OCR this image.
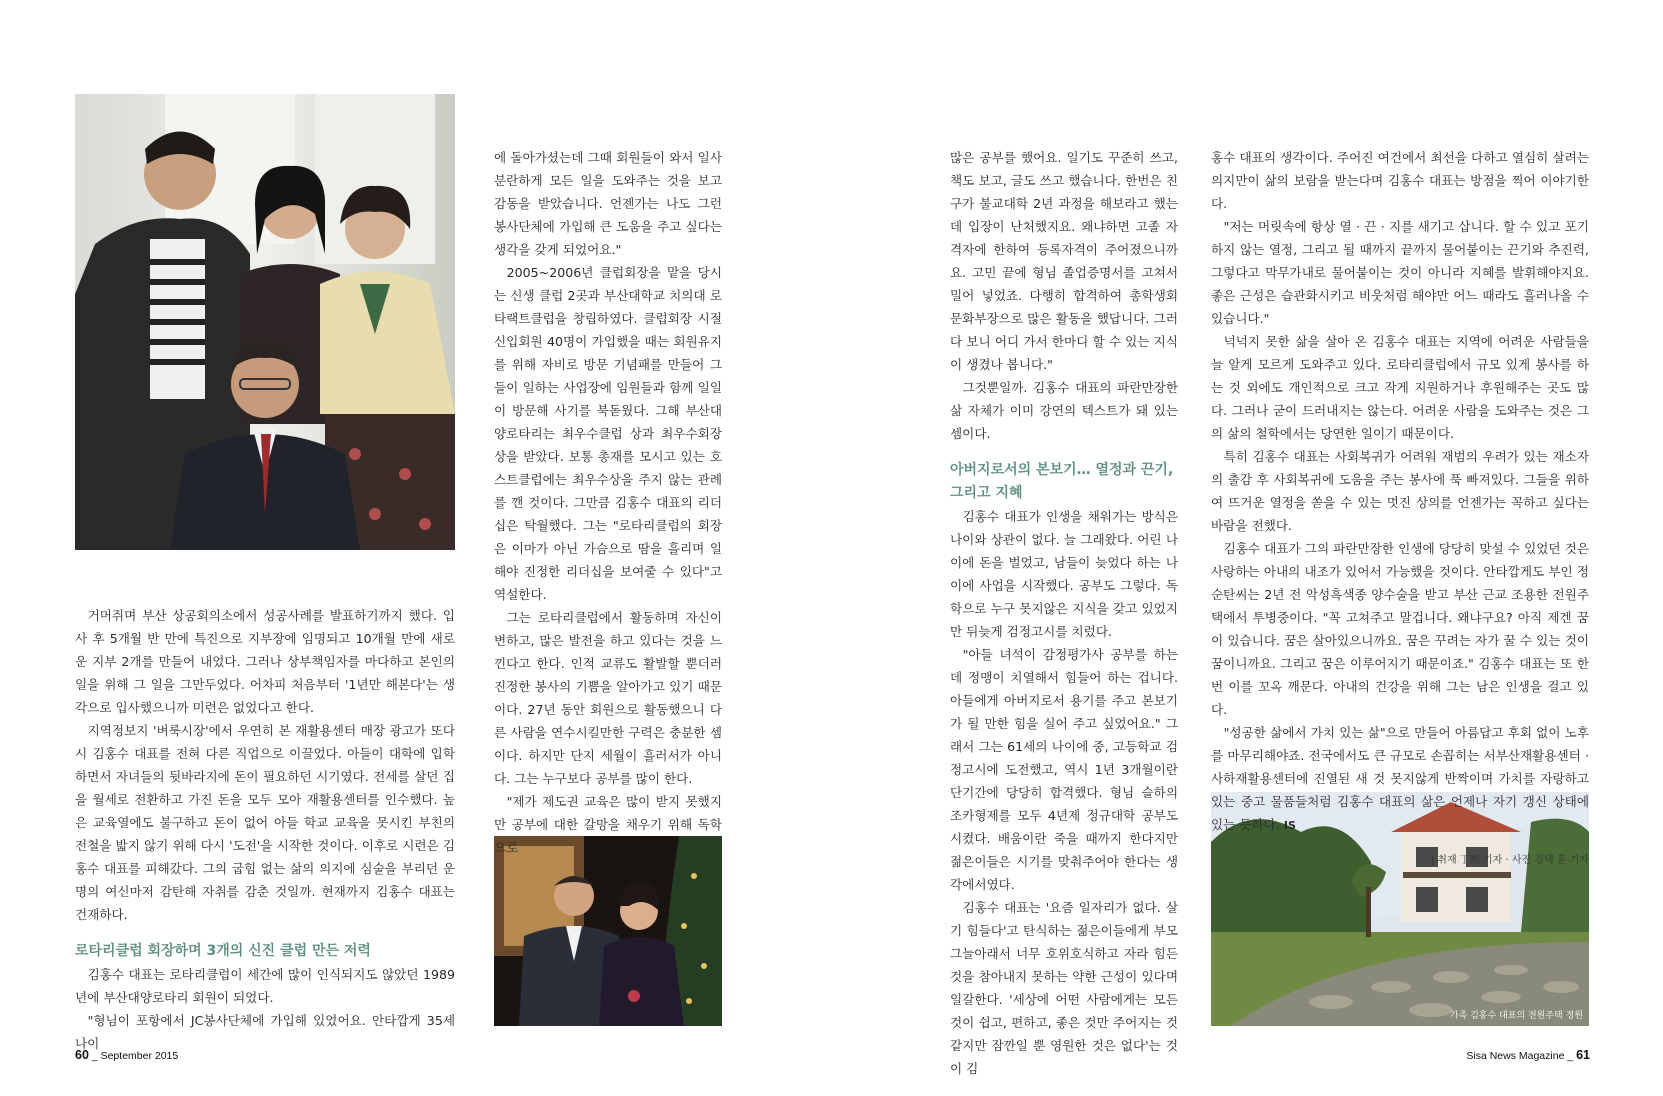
가족 김홍수 대표의 전원주택 정원

거머쥐며 부산 상공회의소에서 성공사례를 발표하기까지 했다. 입사 후 5개월 반 만에 특진으로 지부장에 임명되고 10개월 만에 새로운 지부 2개를 만들어 내었다. 그러나 상부책임자를 마다하고 본인의 일을 위해 그 일을 그만두었다. 어차피 처음부터 '1년만 해본다'는 생각으로 입사했으니까 미련은 없었다고 한다.

지역정보지 '벼룩시장'에서 우연히 본 재활용센터 매장 광고가 또다시 김홍수 대표를 전혀 다른 직업으로 이끌었다. 아들이 대학에 입학하면서 자녀들의 뒷바라지에 돈이 필요하던 시기였다. 전세를 살던 집을 월세로 전환하고 가진 돈을 모두 모아 재활용센터를 인수했다. 높은 교육열에도 불구하고 돈이 없어 아들 학교 교육을 못시킨 부친의 전철을 밟지 않기 위해 다시 '도전'을 시작한 것이다. 이후로 시련은 김홍수 대표를 피해갔다. 그의 굽힘 없는 삶의 의지에 심술을 부리던 운명의 여신마저 감탄해 자취를 감춘 것일까. 현재까지 김홍수 대표는 건재하다.

로타리클럽 회장하며 3개의 신진 클럽 만든 저력

김홍수 대표는 로타리클럽이 세간에 많이 인식되지도 않았던 1989년에 부산대양로타리 회원이 되었다.

"형님이 포항에서 JC봉사단체에 가입해 있었어요. 안타깝게 35세 나이

에 돌아가셨는데 그때 회원들이 와서 일사분란하게 모든 일을 도와주는 것을 보고 감동을 받았습니다. 언젠가는 나도 그런 봉사단체에 가입해 큰 도움을 주고 싶다는 생각을 갖게 되었어요."

2005~2006년 클럽회장을 맡을 당시는 신생 클럽 2곳과 부산대학교 치의대 로타랙트클럽을 창립하였다. 클럽회장 시절 신입회원 40명이 가입했을 때는 회원유지를 위해 자비로 방문 기념패를 만들어 그들이 일하는 사업장에 임원들과 함께 일일이 방문해 사기를 북돋웠다. 그해 부산대양로타리는 최우수클럽 상과 최우수회장 상을 받았다. 보통 총재를 모시고 있는 호스트클럽에는 최우수상을 주지 않는 관례를 깬 것이다. 그만큼 김홍수 대표의 리더십은 탁월했다. 그는 "로타리클럽의 회장은 이마가 아닌 가슴으로 땀을 흘리며 일해야 진정한 리더십을 보여줄 수 있다"고 역설한다.

그는 로타리클럽에서 활동하며 자신이 변하고, 많은 발전을 하고 있다는 것을 느낀다고 한다. 인적 교류도 활발할 뿐더러 진정한 봉사의 기쁨을 알아가고 있기 때문이다. 27년 동안 회원으로 활동했으니 다른 사람을 연수시킬만한 구력은 충분한 셈이다. 하지만 단지 세월이 흘러서가 아니다. 그는 누구보다 공부를 많이 한다.

"제가 제도권 교육은 많이 받지 못했지만 공부에 대한 갈망을 채우기 위해 독학으로

많은 공부를 했어요. 일기도 꾸준히 쓰고, 책도 보고, 글도 쓰고 했습니다. 한번은 친구가 불교대학 2년 과정을 해보라고 했는데 입장이 난처했지요. 왜냐하면 고졸 자격자에 한하여 등록자격이 주어졌으니까요. 고민 끝에 형님 졸업증명서를 고쳐서 밀어 넣었죠. 다행히 합격하여 총학생회 문화부장으로 많은 활동을 했답니다. 그러다 보니 어디 가서 한마디 할 수 있는 지식이 생겼나 봅니다."

그것뿐일까. 김홍수 대표의 파란만장한 삶 자체가 이미 강연의 텍스트가 돼 있는 셈이다.

아버지로서의 본보기… 열정과 끈기,

그리고 지혜

김홍수 대표가 인생을 채워가는 방식은 나이와 상관이 없다. 늘 그래왔다. 어린 나이에 돈을 벌었고, 남들이 늦었다 하는 나이에 사업을 시작했다. 공부도 그렇다. 독학으로 누구 못지않은 지식을 갖고 있었지만 뒤늦게 검정고시를 치렀다.

"아들 녀석이 감정평가사 공부를 하는데 정맹이 치열해서 힘들어 하는 겁니다. 아들에게 아버지로서 용기를 주고 본보기가 될 만한 힘을 실어 주고 싶었어요." 그래서 그는 61세의 나이에 중, 고등학교 검정고시에 도전했고, 역시 1년 3개월이란 단기간에 당당히 합격했다. 형님 슬하의 조카형제를 모두 4년제 정규대학 공부도 시켰다. 배움이란 죽을 때까지 한다지만 젊은이들은 시기를 맞춰주어야 한다는 생각에서였다.

김홍수 대표는 '요즘 일자리가 없다. 살기 힘들다'고 탄식하는 젊은이들에게 부모 그늘아래서 너무 호위호식하고 자라 힘든 것을 참아내지 못하는 약한 근성이 있다며 일갈한다. '세상에 어떤 사람에게는 모든 것이 쉽고, 편하고, 좋은 것만 주어지는 것 같지만 잠깐일 뿐 영원한 것은 없다'는 것이 김

홍수 대표의 생각이다. 주어진 여건에서 최선을 다하고 열심히 살려는 의지만이 삶의 보람을 받는다며 김홍수 대표는 방점을 찍어 이야기한다.

"저는 머릿속에 항상 열 · 끈 · 지를 새기고 삽니다. 할 수 있고 포기하지 않는 열정, 그리고 될 때까지 끝까지 물어붙이는 끈기와 추진력, 그렇다고 막무가내로 물어붙이는 것이 아니라 지혜를 발휘해야지요. 좋은 근성은 습관화시키고 비웃처럼 해야만 어느 때라도 흘러나올 수 있습니다."

넉넉지 못한 삶을 살아 온 김홍수 대표는 지역에 어려운 사람들을 늘 알게 모르게 도와주고 있다. 로타리클럽에서 규모 있게 봉사를 하는 것 외에도 개인적으로 크고 작게 지원하거나 후원해주는 곳도 많다. 그러나 굳이 드러내지는 않는다. 어려운 사람을 도와주는 것은 그의 삶의 철학에서는 당연한 일이기 때문이다.

특히 김홍수 대표는 사회복귀가 어려워 재범의 우려가 있는 재소자의 출감 후 사회복귀에 도움을 주는 봉사에 푹 빠져있다. 그들을 위하여 뜨거운 열정을 쏟을 수 있는 멋진 상의를 언젠가는 꼭하고 싶다는 바람을 전했다.

김홍수 대표가 그의 파란만장한 인생에 당당히 맞설 수 있었던 것은 사랑하는 아내의 내조가 있어서 가능했을 것이다. 안타깝게도 부인 정순탄씨는 2년 전 악성흑색종 양수술을 받고 부산 근교 조용한 전원주택에서 투병중이다. "꼭 고쳐주고 말겁니다. 왜냐구요? 아직 제겐 꿈이 있습니다. 꿈은 살아있으니까요. 꿈은 꾸려는 자가 꿀 수 있는 것이 꿈이니까요. 그리고 꿈은 이루어지기 때문이죠." 김홍수 대표는 또 한번 이를 꼬옥 깨문다. 아내의 건강을 위해 그는 남은 인생을 걸고 있다.

"성공한 삶에서 가치 있는 삶"으로 만들어 아름답고 후회 없이 노후를 마무리해야죠. 전국에서도 큰 규모로 손꼽히는 서부산재활용센터 · 사하재활용센터에 진열된 새 것 못지않게 반짝이며 가치를 자랑하고 있는 중고 물품들처럼 김홍수 대표의 삶은 언제나 자기 갱신 상태에 있는 듯하다. IS

| 취재 丁熙 기자 · 사진 김택 훈 기자
60 _ September 2015	Sisa News Magazine _ 61
